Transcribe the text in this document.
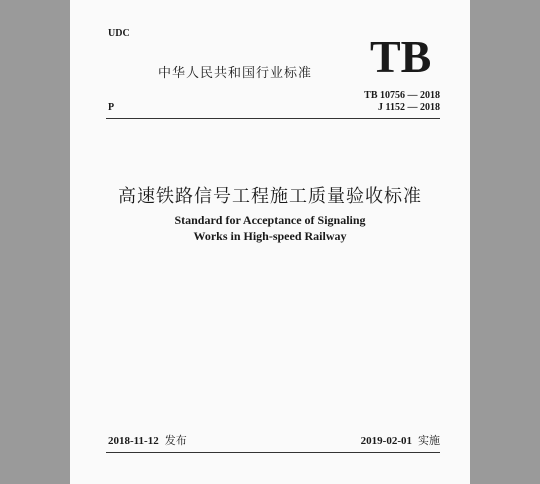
UDC
中华人民共和国行业标准 TB
TB 10756 — 2018
J 1152 — 2018
P
高速铁路信号工程施工质量验收标准
Standard for Acceptance of Signaling
Works in High-speed Railway
2018-11-12 发布	2019-02-01 实施
